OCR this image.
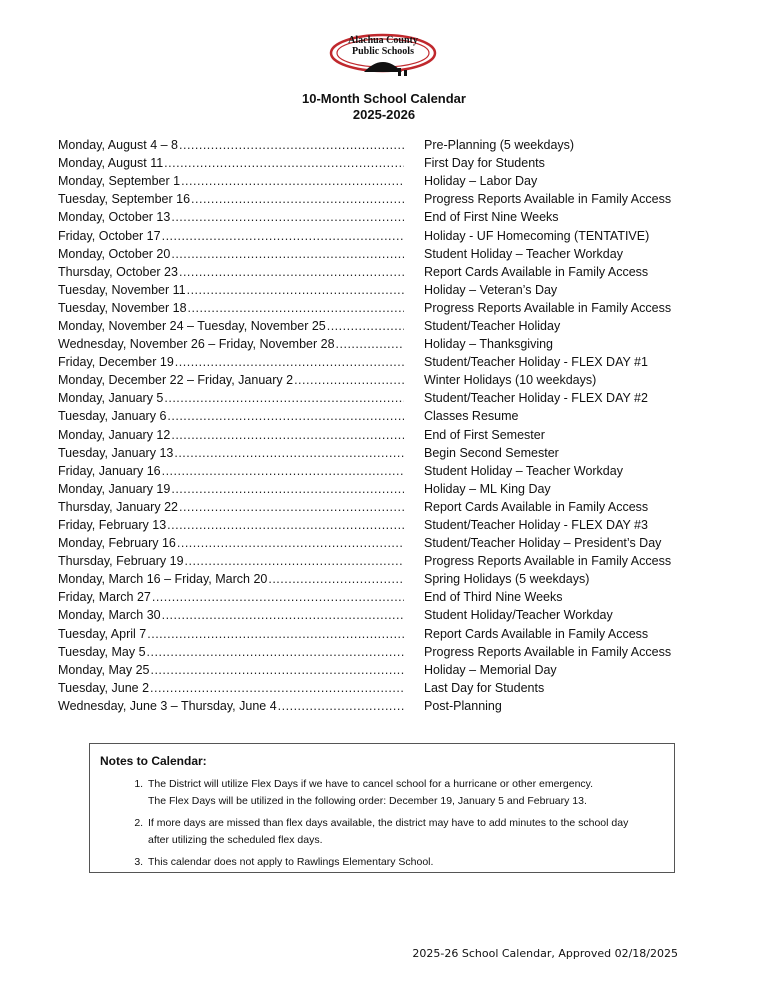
Alachua County
Public Schools
10-Month School Calendar
2025-2026
Monday, August 4 – 8 .....	Pre-Planning (5 weekdays)
Monday, August 11 .....	First Day for Students
Monday, September 1 .....	Holiday – Labor Day
Tuesday, September 16 .....	Progress Reports Available in Family Access
Monday, October 13 .....	End of First Nine Weeks
Friday, October 17 .....	Holiday - UF Homecoming (TENTATIVE)
Monday, October 20 .....	Student Holiday – Teacher Workday
Thursday, October 23 .....	Report Cards Available in Family Access
Tuesday, November 11 .....	Holiday – Veteran’s Day
Tuesday, November 18 .....	Progress Reports Available in Family Access
Monday, November 24 – Tuesday, November 25 .....	Student/Teacher Holiday
Wednesday, November 26 – Friday, November 28 .....	Holiday – Thanksgiving
Friday, December 19 .....	Student/Teacher Holiday - FLEX DAY #1
Monday, December 22 – Friday, January 2 .....	Winter Holidays (10 weekdays)
Monday, January 5 .....	Student/Teacher Holiday - FLEX DAY #2
Tuesday, January 6 .....	Classes Resume
Monday, January 12 .....	End of First Semester
Tuesday, January 13 .....	Begin Second Semester
Friday, January 16 .....	Student Holiday – Teacher Workday
Monday, January 19 .....	Holiday – ML King Day
Thursday, January 22 .....	Report Cards Available in Family Access
Friday, February 13 .....	Student/Teacher Holiday - FLEX DAY #3
Monday, February 16 .....	Student/Teacher Holiday – President’s Day
Thursday, February 19 .....	Progress Reports Available in Family Access
Monday, March 16 – Friday, March 20 .....	Spring Holidays (5 weekdays)
Friday, March 27 .....	End of Third Nine Weeks
Monday, March 30 .....	Student Holiday/Teacher Workday
Tuesday, April 7 .....	Report Cards Available in Family Access
Tuesday, May 5 .....	Progress Reports Available in Family Access
Monday, May 25 .....	Holiday – Memorial Day
Tuesday, June 2 .....	Last Day for Students
Wednesday, June 3 – Thursday, June 4 .....	Post-Planning
Notes to Calendar:
1. The District will utilize Flex Days if we have to cancel school for a hurricane or other emergency.
The Flex Days will be utilized in the following order: December 19, January 5 and February 13.
2. If more days are missed than flex days available, the district may have to add minutes to the school day
after utilizing the scheduled flex days.
3. This calendar does not apply to Rawlings Elementary School.
2025-26 School Calendar, Approved 02/18/2025
